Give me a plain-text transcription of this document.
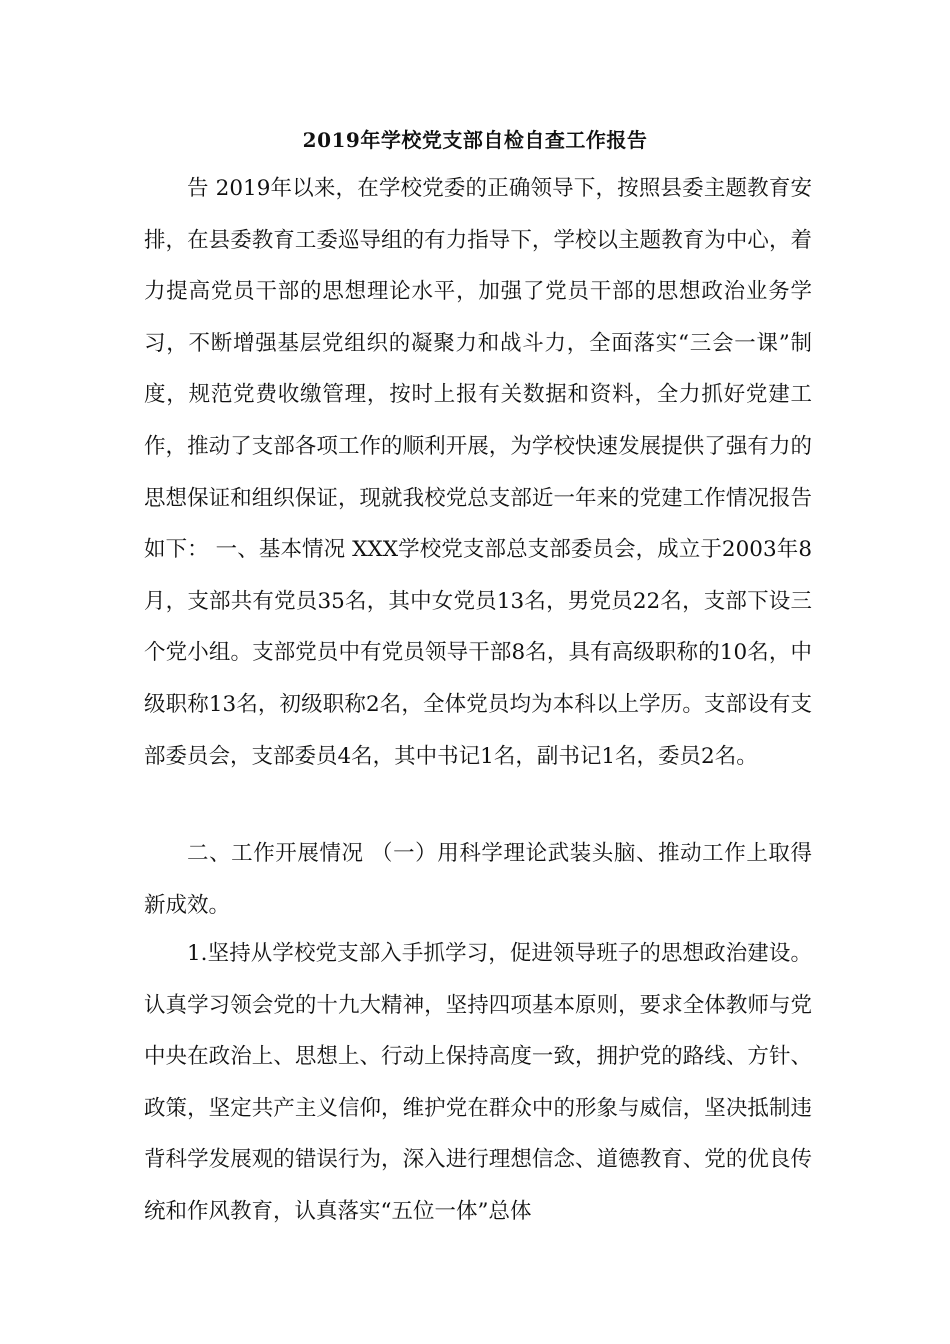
2019年学校党支部自检自查工作报告

告 2019年以来，在学校党委的正确领导下，按照县委主题教育安排，在县委教育工委巡导组的有力指导下，学校以主题教育为中心，着力提高党员干部的思想理论水平，加强了党员干部的思想政治业务学习，不断增强基层党组织的凝聚力和战斗力，全面落实“三会一课”制度，规范党费收缴管理，按时上报有关数据和资料，全力抓好党建工作，推动了支部各项工作的顺利开展，为学校快速发展提供了强有力的思想保证和组织保证，现就我校党总支部近一年来的党建工作情况报告如下： 一、基本情况 XXX学校党支部总支部委员会，成立于2003年8月，支部共有党员35名，其中女党员13名，男党员22名，支部下设三个党小组。支部党员中有党员领导干部8名，具有高级职称的10名，中级职称13名，初级职称2名，全体党员均为本科以上学历。支部设有支部委员会，支部委员4名，其中书记1名，副书记1名，委员2名。

二、工作开展情况 （一）用科学理论武装头脑、推动工作上取得新成效。

1.坚持从学校党支部入手抓学习，促进领导班子的思想政治建设。认真学习领会党的十九大精神，坚持四项基本原则，要求全体教师与党中央在政治上、思想上、行动上保持高度一致，拥护党的路线、方针、政策，坚定共产主义信仰，维护党在群众中的形象与威信，坚决抵制违背科学发展观的错误行为，深入进行理想信念、道德教育、党的优良传统和作风教育，认真落实“五位一体”总体
